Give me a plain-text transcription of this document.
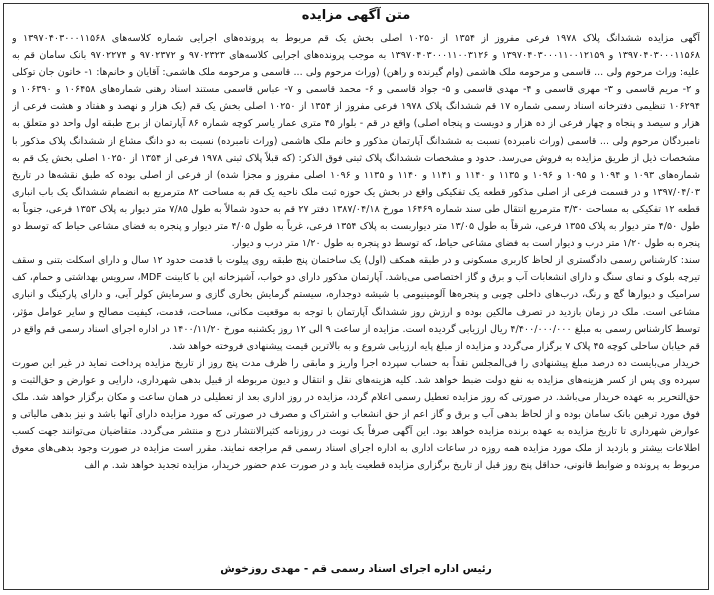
متن آگهی مزایده

آگهی مزایده ششدانگ پلاک ۱۹۷۸ فرعی مفروز از ۱۳۵۴ از ۱۰۲۵۰ اصلی بخش یک قم مربوط به پرونده‌های اجرایی شماره کلاسه‌های ۱۳۹۷۰۴۰۳۰۰۰۱۱۵۶۸ و ۱۳۹۷۰۴۰۳۰۰۰۱۱۵۶۸ و ۱۳۹۷۰۴۰۳۰۰۰۱۱۰۰۱۲۱۵۹ و ۱۳۹۷۰۴۰۳۰۰۰۱۱۰۰۳۱۲۶ به موجب پرونده‌های اجرایی کلاسه‌های ۹۷۰۲۳۲۳ و ۹۷۰۲۳۷۲ و ۹۷۰۲۲۷۴ بانک سامان قم به علیه: وراث مرحوم ولی ... قاسمی و مرحومه ملک هاشمی (وام گیرنده و راهن) (وراث مرحوم ولی ... قاسمی و مرحومه ملک هاشمی: آقایان و خانم‌ها: ۱- خاتون جان توکلی و ۲- مریم قاسمی و ۳- مهری قاسمی و ۴- مهدی قاسمی و ۵- جواد قاسمی و ۶- محمد قاسمی و ۷- عباس قاسمی مستند اسناد رهنی شماره‌های ۱۰۶۴۵۸ و ۱۰۶۳۹۰ و ۱۰۶۲۹۴ تنظیمی دفترخانه اسناد رسمی شماره ۱۷ قم ششدانگ پلاک ۱۹۷۸ فرعی مفروز از ۱۳۵۴ از ۱۰۲۵۰ اصلی بخش یک قم (یک هزار و نهصد و هفتاد و هشت فرعی از هزار و سیصد و پنجاه و چهار فرعی از ده هزار و دویست و پنجاه اصلی) واقع در قم - بلوار ۴۵ متری عمار یاسر کوچه شماره ۸۶ آپارتمان از برج طبقه اول واحد دو متعلق به نامبردگان مرحوم ولی ... قاسمی (وراث نامبرده) نسبت به ششدانگ آپارتمان مذکور و خانم ملک هاشمی (وراث نامبرده) نسبت به دو دانگ مشاع از ششدانگ پلاک مذکور با مشخصات ذیل از طریق مزایده به فروش می‌رسد. حدود و مشخصات ششدانگ پلاک ثبتی فوق الذکر: (که قبلاً پلاک ثبتی ۱۹۷۸ فرعی از ۱۳۵۴ از ۱۰۲۵۰ اصلی بخش یک قم به شماره‌های ۱۰۹۳ و ۱۰۹۴ و ۱۰۹۵ و ۱۰۹۶ و ۱۱۳۵ و ۱۱۴۰ و ۱۱۴۱ و ۱۱۴۰ و ۱۱۳۵ و ۱۰۹۶ اصلی مفروز و مجزا شده) از فرعی از اصلی بوده که طبق نقشه‌ها در تاریخ ۱۳۹۷/۰۴/۰۳ و در قسمت فرعی از اصلی مذکور قطعه یک تفکیکی واقع در بخش یک حوزه ثبت ملک ناحیه یک قم به مساحت ۸۲ مترمربع به انضمام ششدانگ یک باب انباری قطعه ۱۲ تفکیکی به مساحت ۳/۳۰ مترمربع انتقال طی سند شماره ۱۶۴۶۹ مورخ ۱۳۸۷/۰۴/۱۸ دفتر ۲۷ قم به حدود شمالاً به طول ۷/۸۵ متر دیوار به پلاک ۱۳۵۳ فرعی، جنوباً به طول ۴/۵۰ متر دیوار به پلاک ۱۳۵۵ فرعی، شرقاً به طول ۱۳/۰۵ متر دیواربست به پلاک ۱۳۵۴ فرعی، غرباً به طول ۴/۰۵ متر دیوار و پنجره به فضای مشاعی حیاط که توسط دو پنجره به طول ۱/۲۰ متر درب و دیوار است به فضای مشاعی حیاط، که توسط دو پنجره به طول ۱/۲۰ متر درب و دیوار.

سند: کارشناس رسمی دادگستری از لحاظ کاربری مسکونی و در طبقه همکف (اول) یک ساختمان پنج طبقه روی پیلوت با قدمت حدود ۱۲ سال و دارای اسکلت بتنی و سقف تیرچه بلوک و نمای سنگ و دارای انشعابات آب و برق و گاز اختصاصی می‌باشد. آپارتمان مذکور دارای دو خواب، آشپزخانه اپن با کابینت MDF، سرویس بهداشتی و حمام، کف سرامیک و دیوارها گچ و رنگ، درب‌های داخلی چوبی و پنجره‌ها آلومینیومی با شیشه دوجداره، سیستم گرمایش بخاری گازی و سرمایش کولر آبی، و دارای پارکینگ و انباری مشاعی است. ملک در زمان بازدید در تصرف مالکین بوده و ارزش روز ششدانگ آپارتمان با توجه به موقعیت مکانی، مساحت، قدمت، کیفیت مصالح و سایر عوامل مؤثر، توسط کارشناس رسمی به مبلغ ۴/۴۰۰/۰۰۰/۰۰۰ ریال ارزیابی گردیده است. مزایده از ساعت ۹ الی ۱۲ روز یکشنبه مورخ ۱۴۰۰/۱۱/۲۰ در اداره اجرای اسناد رسمی قم واقع در قم خیابان ساحلی کوچه ۴۵ پلاک ۷ برگزار می‌گردد و مزایده از مبلغ پایه ارزیابی شروع و به بالاترین قیمت پیشنهادی فروخته خواهد شد.

خریدار می‌بایست ده درصد مبلغ پیشنهادی را فی‌المجلس نقداً به حساب سپرده اجرا واریز و مابقی را ظرف مدت پنج روز از تاریخ مزایده پرداخت نماید در غیر این صورت سپرده وی پس از کسر هزینه‌های مزایده به نفع دولت ضبط خواهد شد. کلیه هزینه‌های نقل و انتقال و دیون مربوطه از قبیل بدهی شهرداری، دارایی و عوارض و حق‌الثبت و حق‌التحریر به عهده خریدار می‌باشد. در صورتی که روز مزایده تعطیل رسمی اعلام گردد، مزایده در روز اداری بعد از تعطیلی در همان ساعت و مکان برگزار خواهد شد. ملک فوق مورد ترهین بانک سامان بوده و از لحاظ بدهی آب و برق و گاز اعم از حق انشعاب و اشتراک و مصرف در صورتی که مورد مزایده دارای آنها باشد و نیز بدهی مالیاتی و عوارض شهرداری تا تاریخ مزایده به عهده برنده مزایده خواهد بود. این آگهی صرفاً یک نوبت در روزنامه کثیرالانتشار درج و منتشر می‌گردد. متقاضیان می‌توانند جهت کسب اطلاعات بیشتر و بازدید از ملک مورد مزایده همه روزه در ساعات اداری به اداره اجرای اسناد رسمی قم مراجعه نمایند. مقرر است مزایده در صورت وجود بدهی‌های معوق مربوط به پرونده و ضوابط قانونی، حداقل پنج روز قبل از تاریخ برگزاری مزایده قطعیت یابد و در صورت عدم حضور خریدار، مزایده تجدید خواهد شد. م الف

رئیس اداره اجرای اسناد رسمی قم - مهدی روزخوش
